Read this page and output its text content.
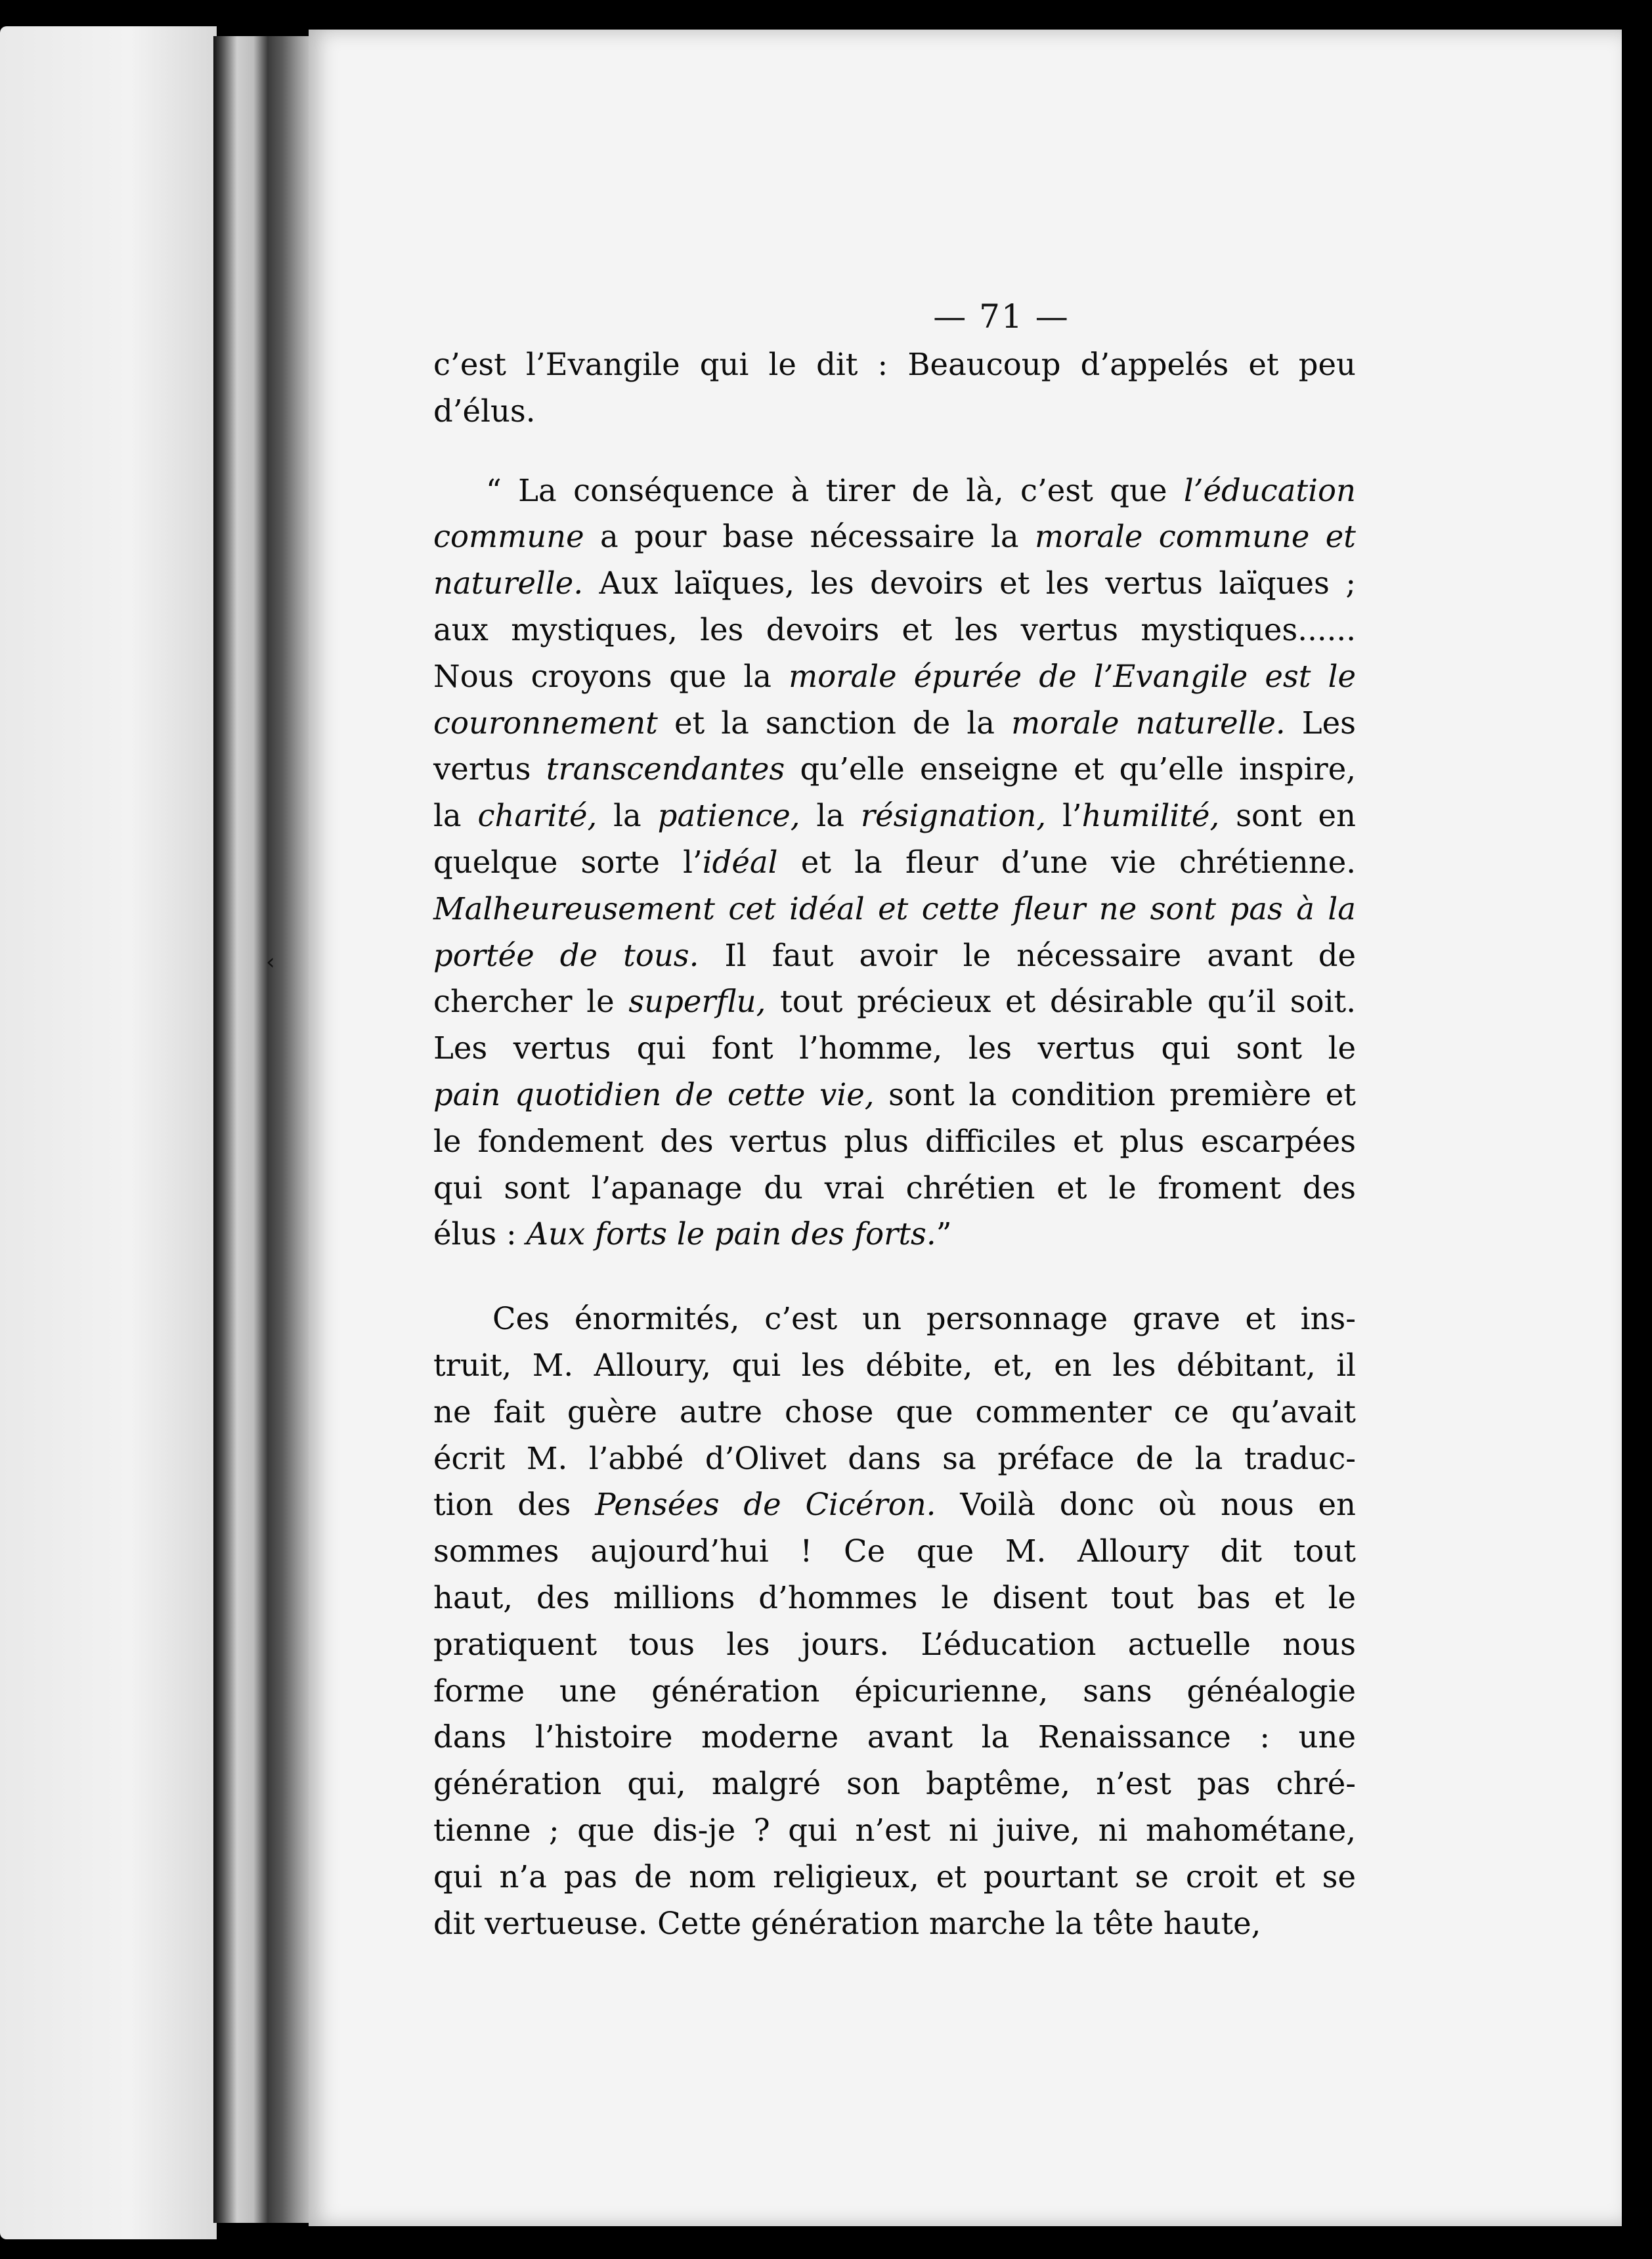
‹
— 71 —
c’est l’Evangile qui le dit : Beaucoup d’appelés et peu
d’élus.
“ La conséquence à tirer de là, c’est que l’éducation
commune a pour base nécessaire la morale commune et
naturelle. Aux laïques, les devoirs et les vertus laïques ;
aux mystiques, les devoirs et les vertus mystiques......
Nous croyons que la morale épurée de l’Evangile est le
couronnement et la sanction de la morale naturelle. Les
vertus transcendantes qu’elle enseigne et qu’elle inspire,
la charité, la patience, la résignation, l’humilité, sont en
quelque sorte l’idéal et la fleur d’une vie chrétienne.
Malheureusement cet idéal et cette fleur ne sont pas à la
portée de tous. Il faut avoir le nécessaire avant de
chercher le superflu, tout précieux et désirable qu’il soit.
Les vertus qui font l’homme, les vertus qui sont le
pain quotidien de cette vie, sont la condition première et
le fondement des vertus plus difficiles et plus escarpées
qui sont l’apanage du vrai chrétien et le froment des
élus : Aux forts le pain des forts.”
Ces énormités, c’est un personnage grave et ins-
truit, M. Alloury, qui les débite, et, en les débitant, il
ne fait guère autre chose que commenter ce qu’avait
écrit M. l’abbé d’Olivet dans sa préface de la traduc-
tion des Pensées de Cicéron. Voilà donc où nous en
sommes aujourd’hui ! Ce que M. Alloury dit tout
haut, des millions d’hommes le disent tout bas et le
pratiquent tous les jours. L’éducation actuelle nous
forme une génération épicurienne, sans généalogie
dans l’histoire moderne avant la Renaissance : une
génération qui, malgré son baptême, n’est pas chré-
tienne ; que dis-je ? qui n’est ni juive, ni mahométane,
qui n’a pas de nom religieux, et pourtant se croit et se
dit vertueuse. Cette génération marche la tête haute,
